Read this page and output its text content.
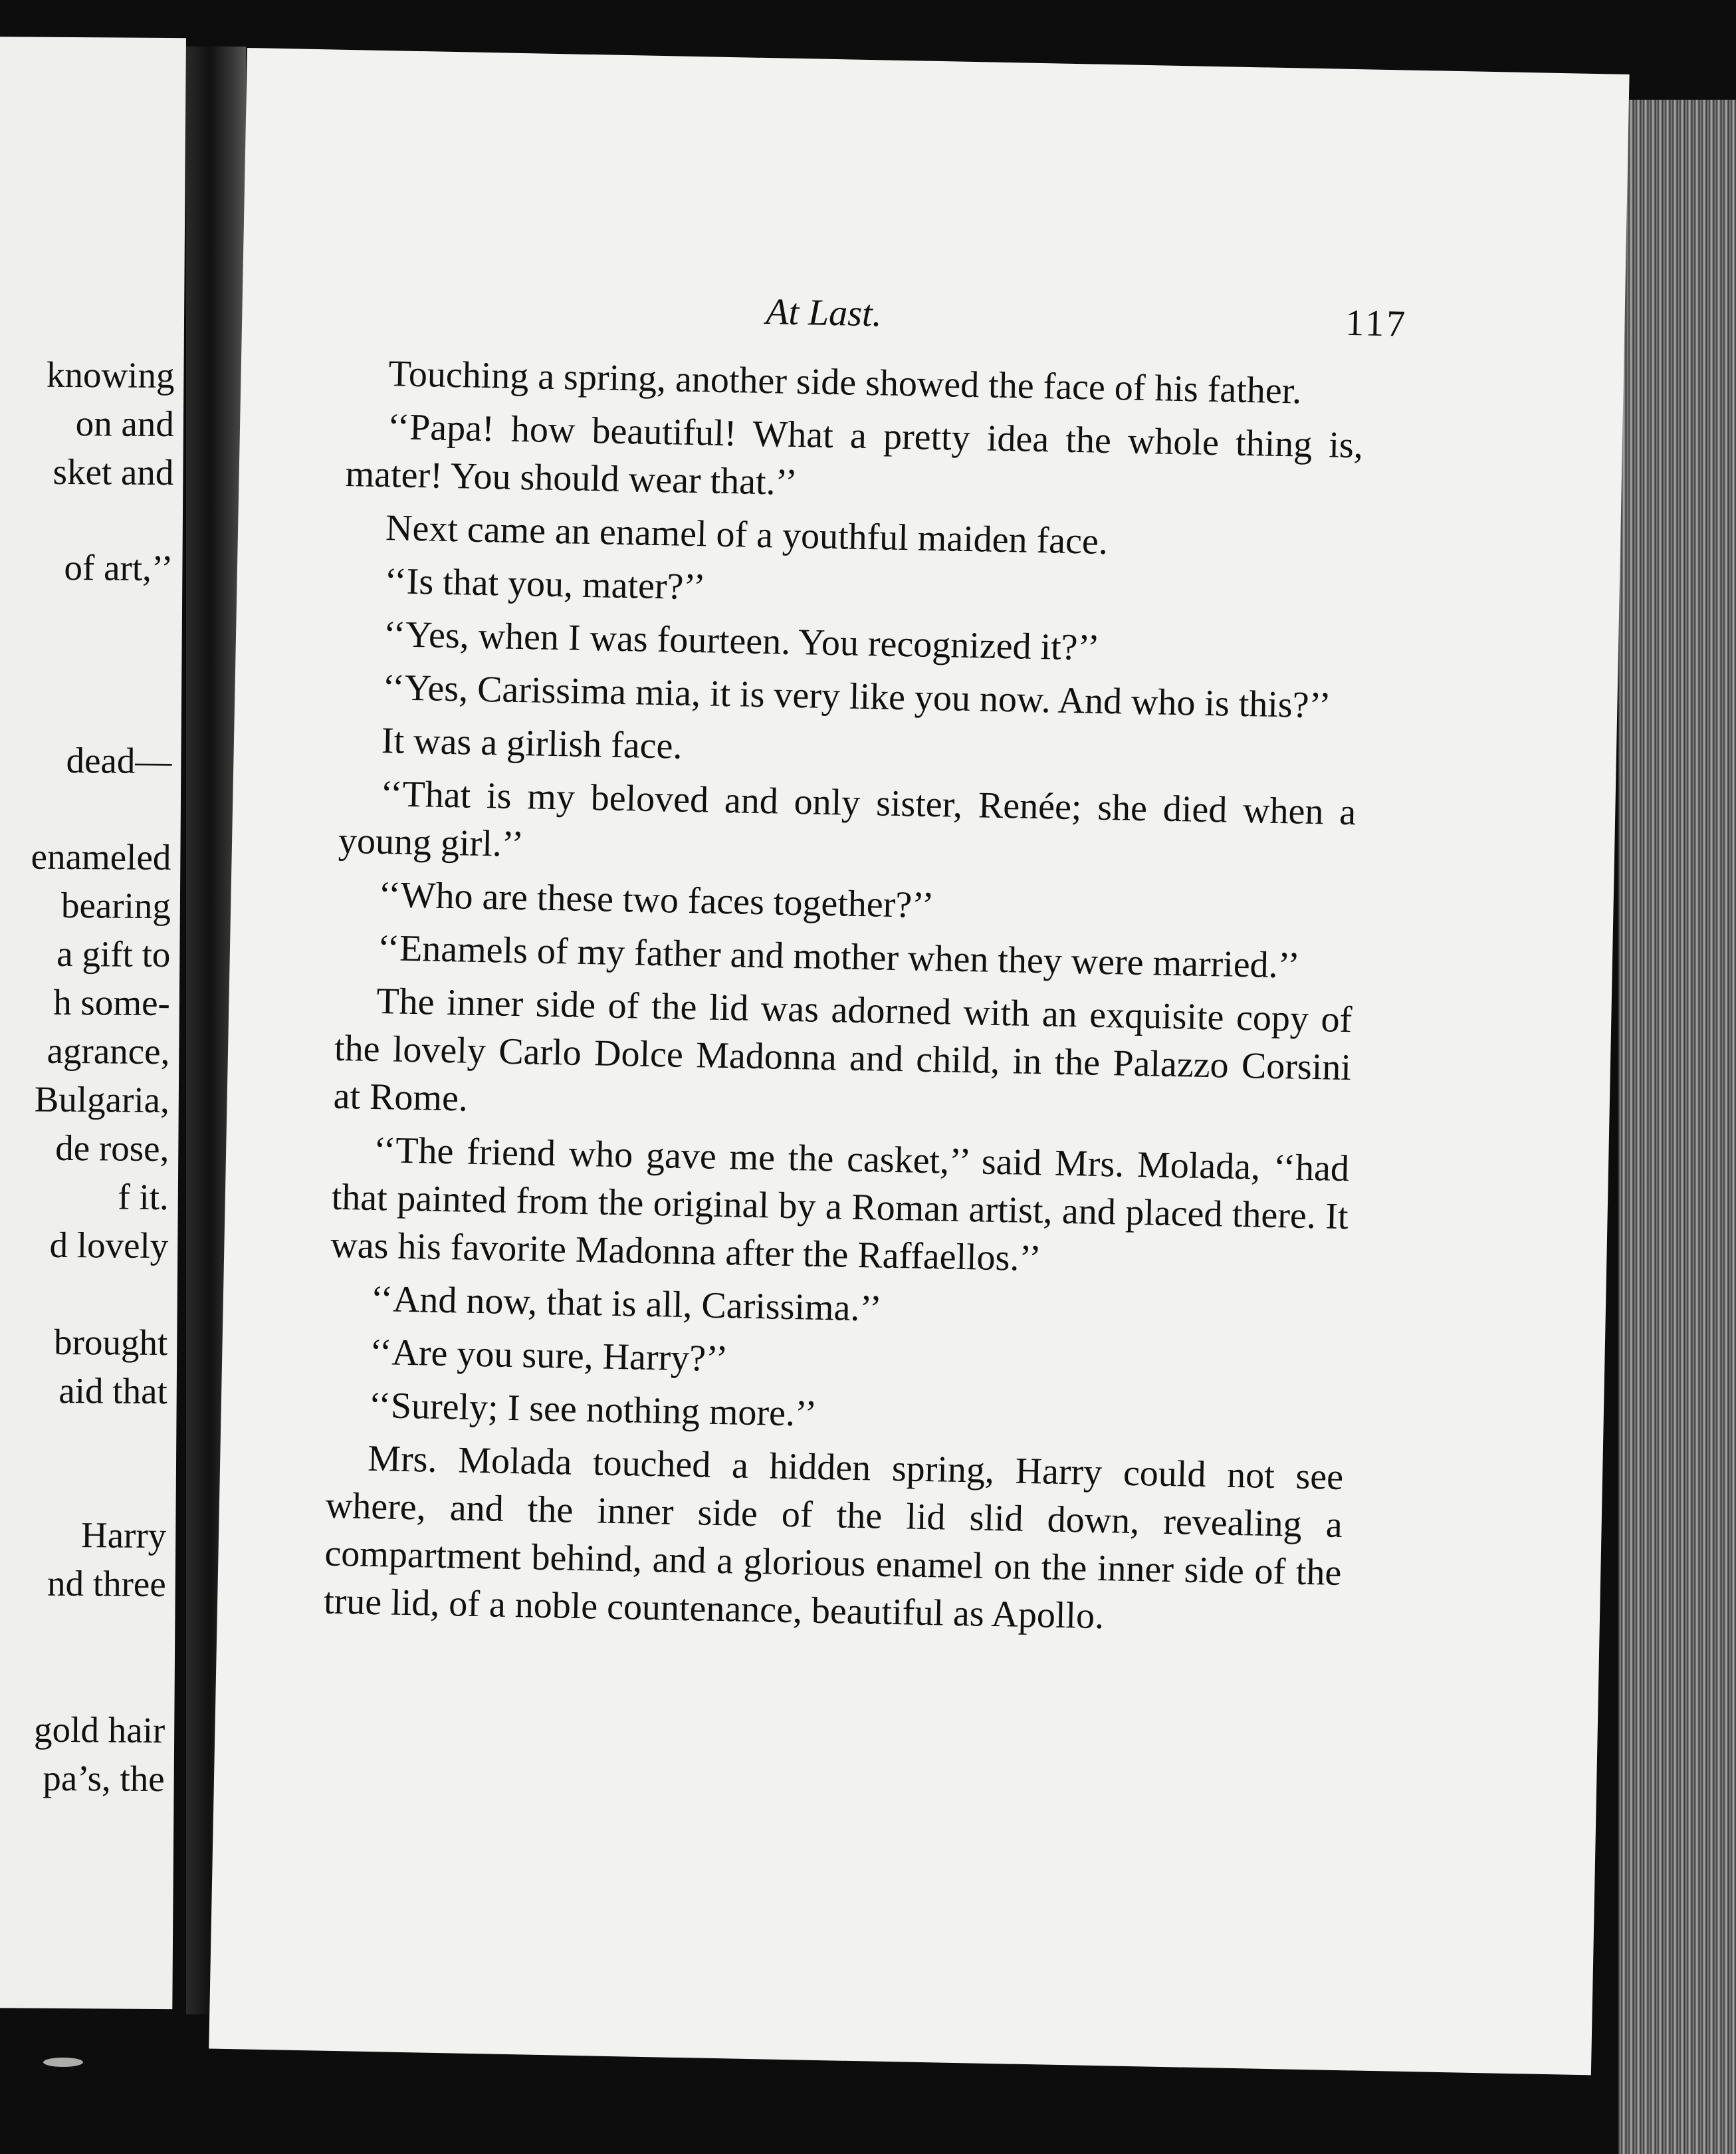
knowing
on and
sket and
of art,’’
dead—
enameled
bearing
a gift to
h some-
agrance,
Bulgaria,
de rose,
f it.
d lovely
brought
aid that
Harry
nd three
gold hair
pa’s, the
At Last.	117

Touching a spring, another side showed the face of his father.

‘‘Papa! how beautiful! What a pretty idea the whole thing is, mater! You should wear that.’’

Next came an enamel of a youthful maiden face.

‘‘Is that you, mater?’’

‘‘Yes, when I was fourteen. You recognized it?’’

‘‘Yes, Carissima mia, it is very like you now. And who is this?’’

It was a girlish face.

‘‘That is my beloved and only sister, Renée; she died when a young girl.’’

‘‘Who are these two faces together?’’

‘‘Enamels of my father and mother when they were married.’’

The inner side of the lid was adorned with an exquisite copy of the lovely Carlo Dolce Madonna and child, in the Palazzo Corsini at Rome.

‘‘The friend who gave me the casket,’’ said Mrs. Molada, ‘‘had that painted from the original by a Roman artist, and placed there. It was his favorite Madonna after the Raffaellos.’’

‘‘And now, that is all, Carissima.’’

‘‘Are you sure, Harry?’’

‘‘Surely; I see nothing more.’’

Mrs. Molada touched a hidden spring, Harry could not see where, and the inner side of the lid slid down, revealing a compartment behind, and a glorious enamel on the inner side of the true lid, of a noble countenance, beautiful as Apollo.
